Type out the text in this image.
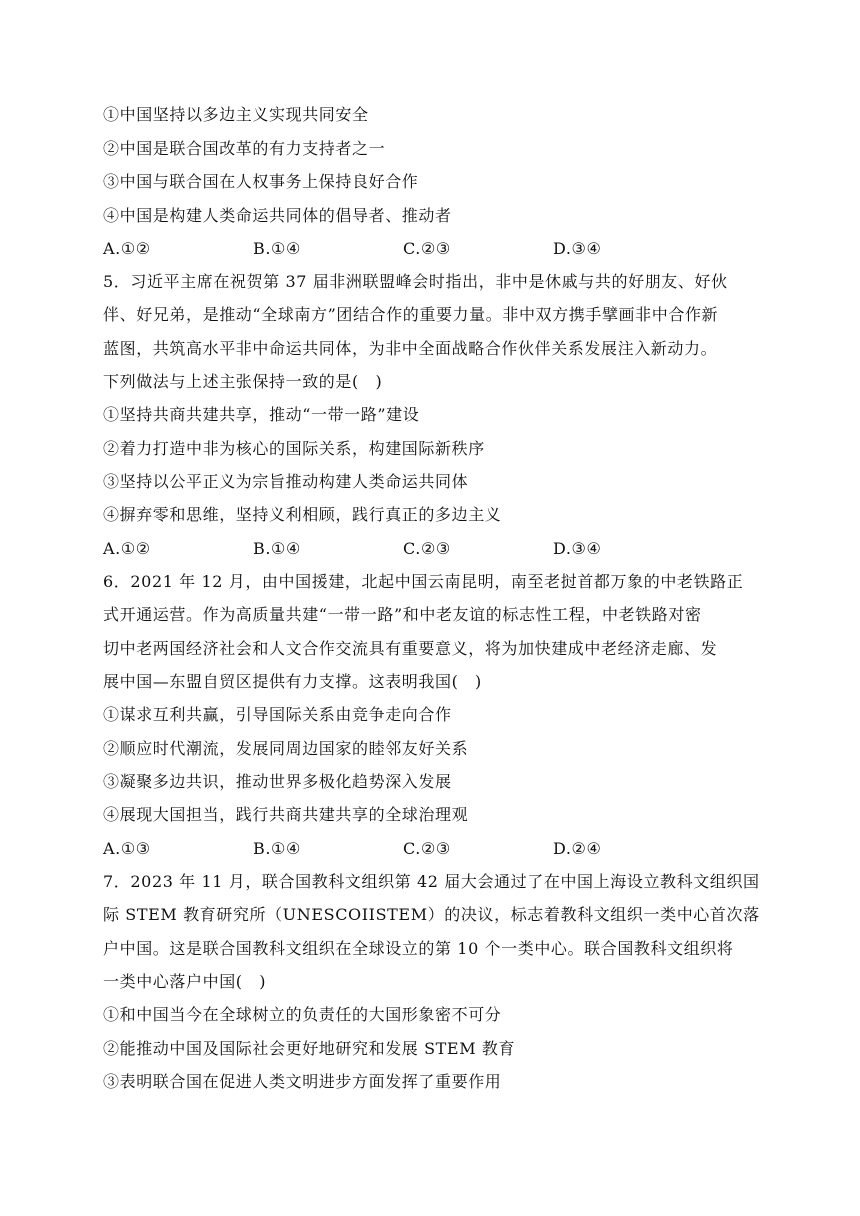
①中国坚持以多边主义实现共同安全
②中国是联合国改革的有力支持者之一
③中国与联合国在人权事务上保持良好合作
④中国是构建人类命运共同体的倡导者、推动者
A.①②	B.①④	C.②③	D.③④
5．习近平主席在祝贺第 37 届非洲联盟峰会时指出，非中是休戚与共的好朋友、好伙
伴、好兄弟，是推动“全球南方”团结合作的重要力量。非中双方携手擘画非中合作新
蓝图，共筑高水平非中命运共同体，为非中全面战略合作伙伴关系发展注入新动力。
下列做法与上述主张保持一致的是(　)
①坚持共商共建共享，推动“一带一路”建设
②着力打造中非为核心的国际关系，构建国际新秩序
③坚持以公平正义为宗旨推动构建人类命运共同体
④摒弃零和思维，坚持义利相顾，践行真正的多边主义
A.①②	B.①④	C.②③	D.③④
6．2021 年 12 月，由中国援建，北起中国云南昆明，南至老挝首都万象的中老铁路正
式开通运营。作为高质量共建“一带一路”和中老友谊的标志性工程，中老铁路对密
切中老两国经济社会和人文合作交流具有重要意义，将为加快建成中老经济走廊、发
展中国—东盟自贸区提供有力支撑。这表明我国(　)
①谋求互利共赢，引导国际关系由竞争走向合作
②顺应时代潮流，发展同周边国家的睦邻友好关系
③凝聚多边共识，推动世界多极化趋势深入发展
④展现大国担当，践行共商共建共享的全球治理观
A.①③	B.①④	C.②③	D.②④
7．2023 年 11 月，联合国教科文组织第 42 届大会通过了在中国上海设立教科文组织国
际 STEM 教育研究所（UNESCOIISTEM）的决议，标志着教科文组织一类中心首次落
户中国。这是联合国教科文组织在全球设立的第 10 个一类中心。联合国教科文组织将
一类中心落户中国(　)
①和中国当今在全球树立的负责任的大国形象密不可分
②能推动中国及国际社会更好地研究和发展 STEM 教育
③表明联合国在促进人类文明进步方面发挥了重要作用
